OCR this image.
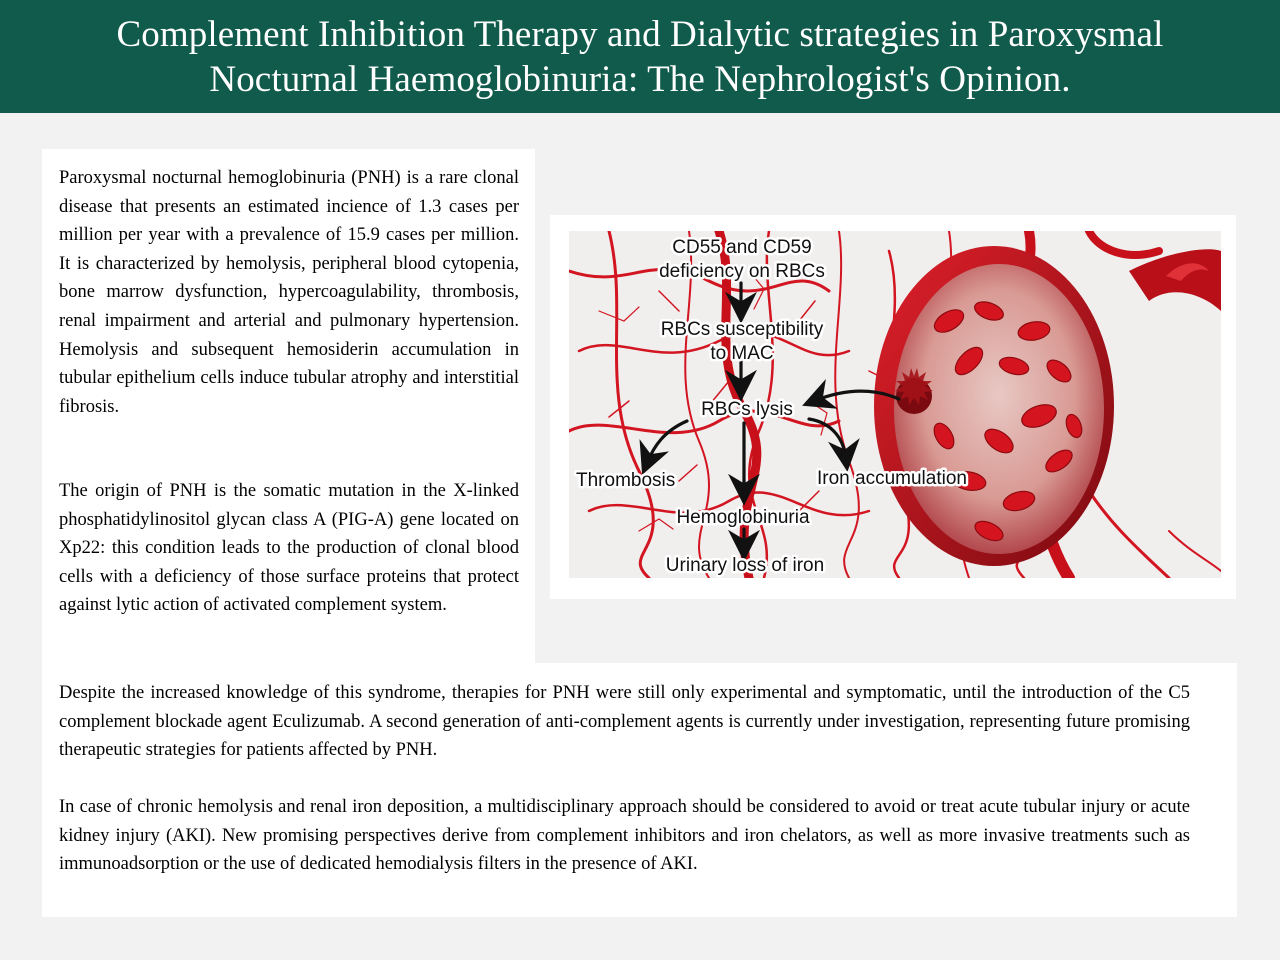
Complement Inhibition Therapy and Dialytic strategies in Paroxysmal
Nocturnal Haemoglobinuria: The Nephrologist's Opinion.

Paroxysmal nocturnal hemoglobinuria (PNH) is a rare clonal disease that presents an estimated incience of 1.3 cases per million per year with a prevalence of 15.9 cases per million. It is characterized by hemolysis, peripheral blood cytopenia, bone marrow dysfunction, hypercoagulability, thrombosis, renal impairment and arterial and pulmonary hypertension. Hemolysis and subsequent hemosiderin accumulation in tubular epithelium cells induce tubular atrophy and interstitial fibrosis.

The origin of PNH is the somatic mutation in the X-linked phosphatidylinositol glycan class A (PIG-A) gene located on Xp22: this condition leads to the production of clonal blood cells with a deficiency of those surface proteins that protect against lytic action of activated complement system.

Despite the increased knowledge of this syndrome, therapies for PNH were still only experimental and symptomatic, until the introduction of the C5 complement blockade agent Eculizumab. A second generation of anti-complement agents is currently under investigation, representing future promising therapeutic strategies for patients affected by PNH.

In case of chronic hemolysis and renal iron deposition, a multidisciplinary approach should be considered to avoid or treat acute tubular injury or acute kidney injury (AKI). New promising perspectives derive from complement inhibitors and iron chelators, as well as more invasive treatments such as immunoadsorption or the use of dedicated hemodialysis filters in the presence of AKI.

CD55 and CD59
deficiency on RBCs
RBCs susceptibility
to MAC
RBCs lysis
Thrombosis	Iron accumulation
Hemoglobinuria
Urinary loss of iron
